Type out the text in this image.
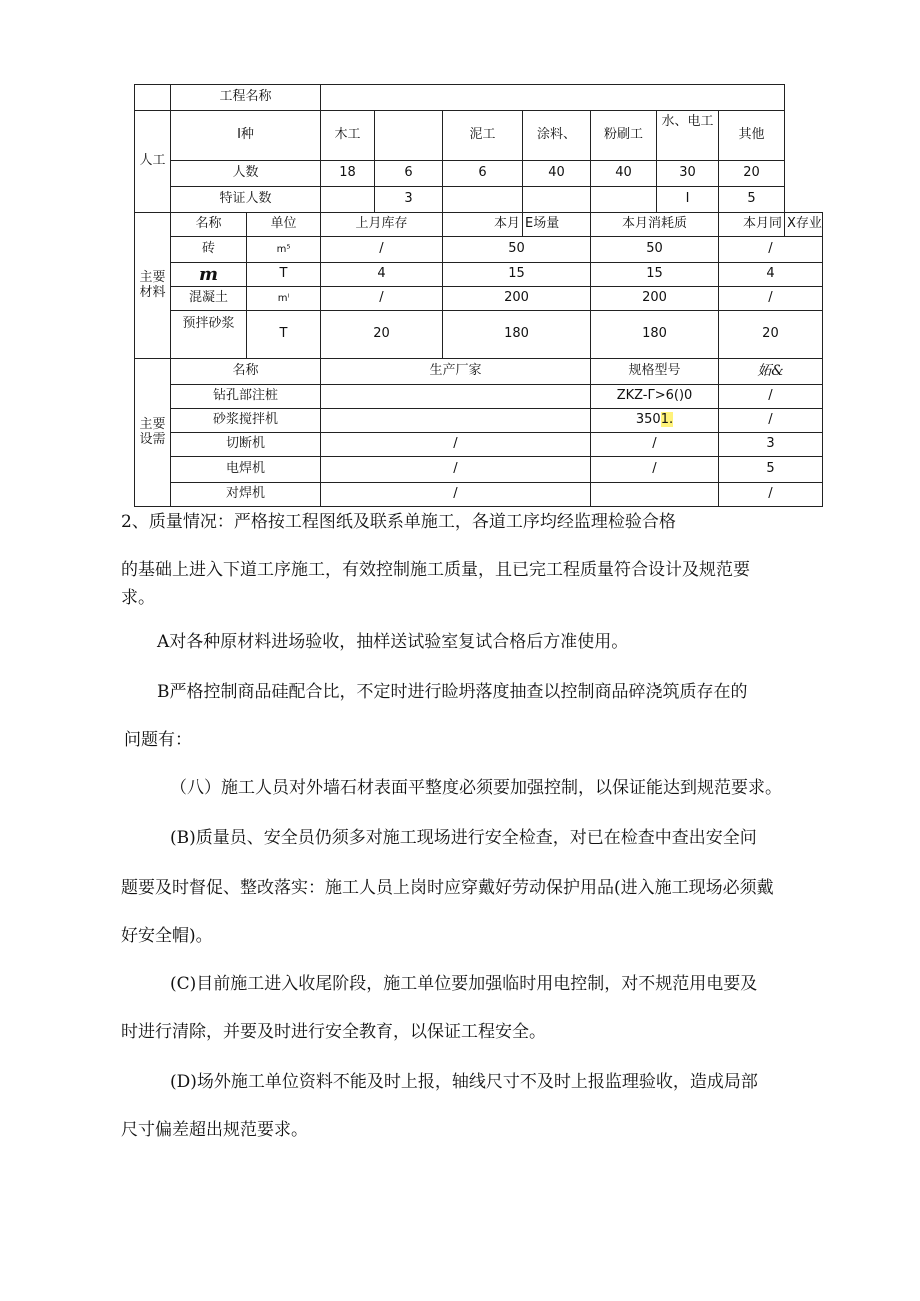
	工程名称									
人工	I种		木工		泥工	涂料、	粉刷工	水、电工	其他	
	人数		18	6	6	40	40	30	20	
	特证人数			3				I	5	
主要
材料	名称	单位	上月库存		本月	E场量	本月消耗质		本月同	X存业
	砖	m⁵	/		50		50		/	
	m	T	4		15		15		4	
	混凝土	mˡ	/		200		200		/	
	预拌砂浆	T	20		180		180		20	
主要
设需	名称		生产厂家				规格型号		妬&	
	钻孔部注桩						ZKZ-Γ>6()0		/	
	砂浆搅拌机						3501.		/	
	切断机		/				/		3	
	电焊机		/				/		5	
	对焊机		/						/	

2、质量情况：严格按工程图纸及联系单施工，各道工序均经监理检验合格

的基础上进入下道工序施工，有效控制施工质量，且已完工程质量符合设计及规范要

求。

A对各种原材料进场验收，抽样送试验室复试合格后方准使用。

B严格控制商品硅配合比，不定时进行睑坍落度抽查以控制商品碎浇筑质存在的

问题有：

（八）施工人员对外墙石材表面平整度必须要加强控制，以保证能达到规范要求。

(B)质量员、安全员仍须多对施工现场进行安全检查，对已在检查中查出安全问

题要及时督促、整改落实：施工人员上岗时应穿戴好劳动保护用品(进入施工现场必须戴

好安全帽)。

(C)目前施工进入收尾阶段，施工单位要加强临时用电控制，对不规范用电要及

时进行清除，并要及时进行安全教育，以保证工程安全。

(D)场外施工单位资料不能及时上报，轴线尺寸不及时上报监理验收，造成局部

尺寸偏差超出规范要求。
